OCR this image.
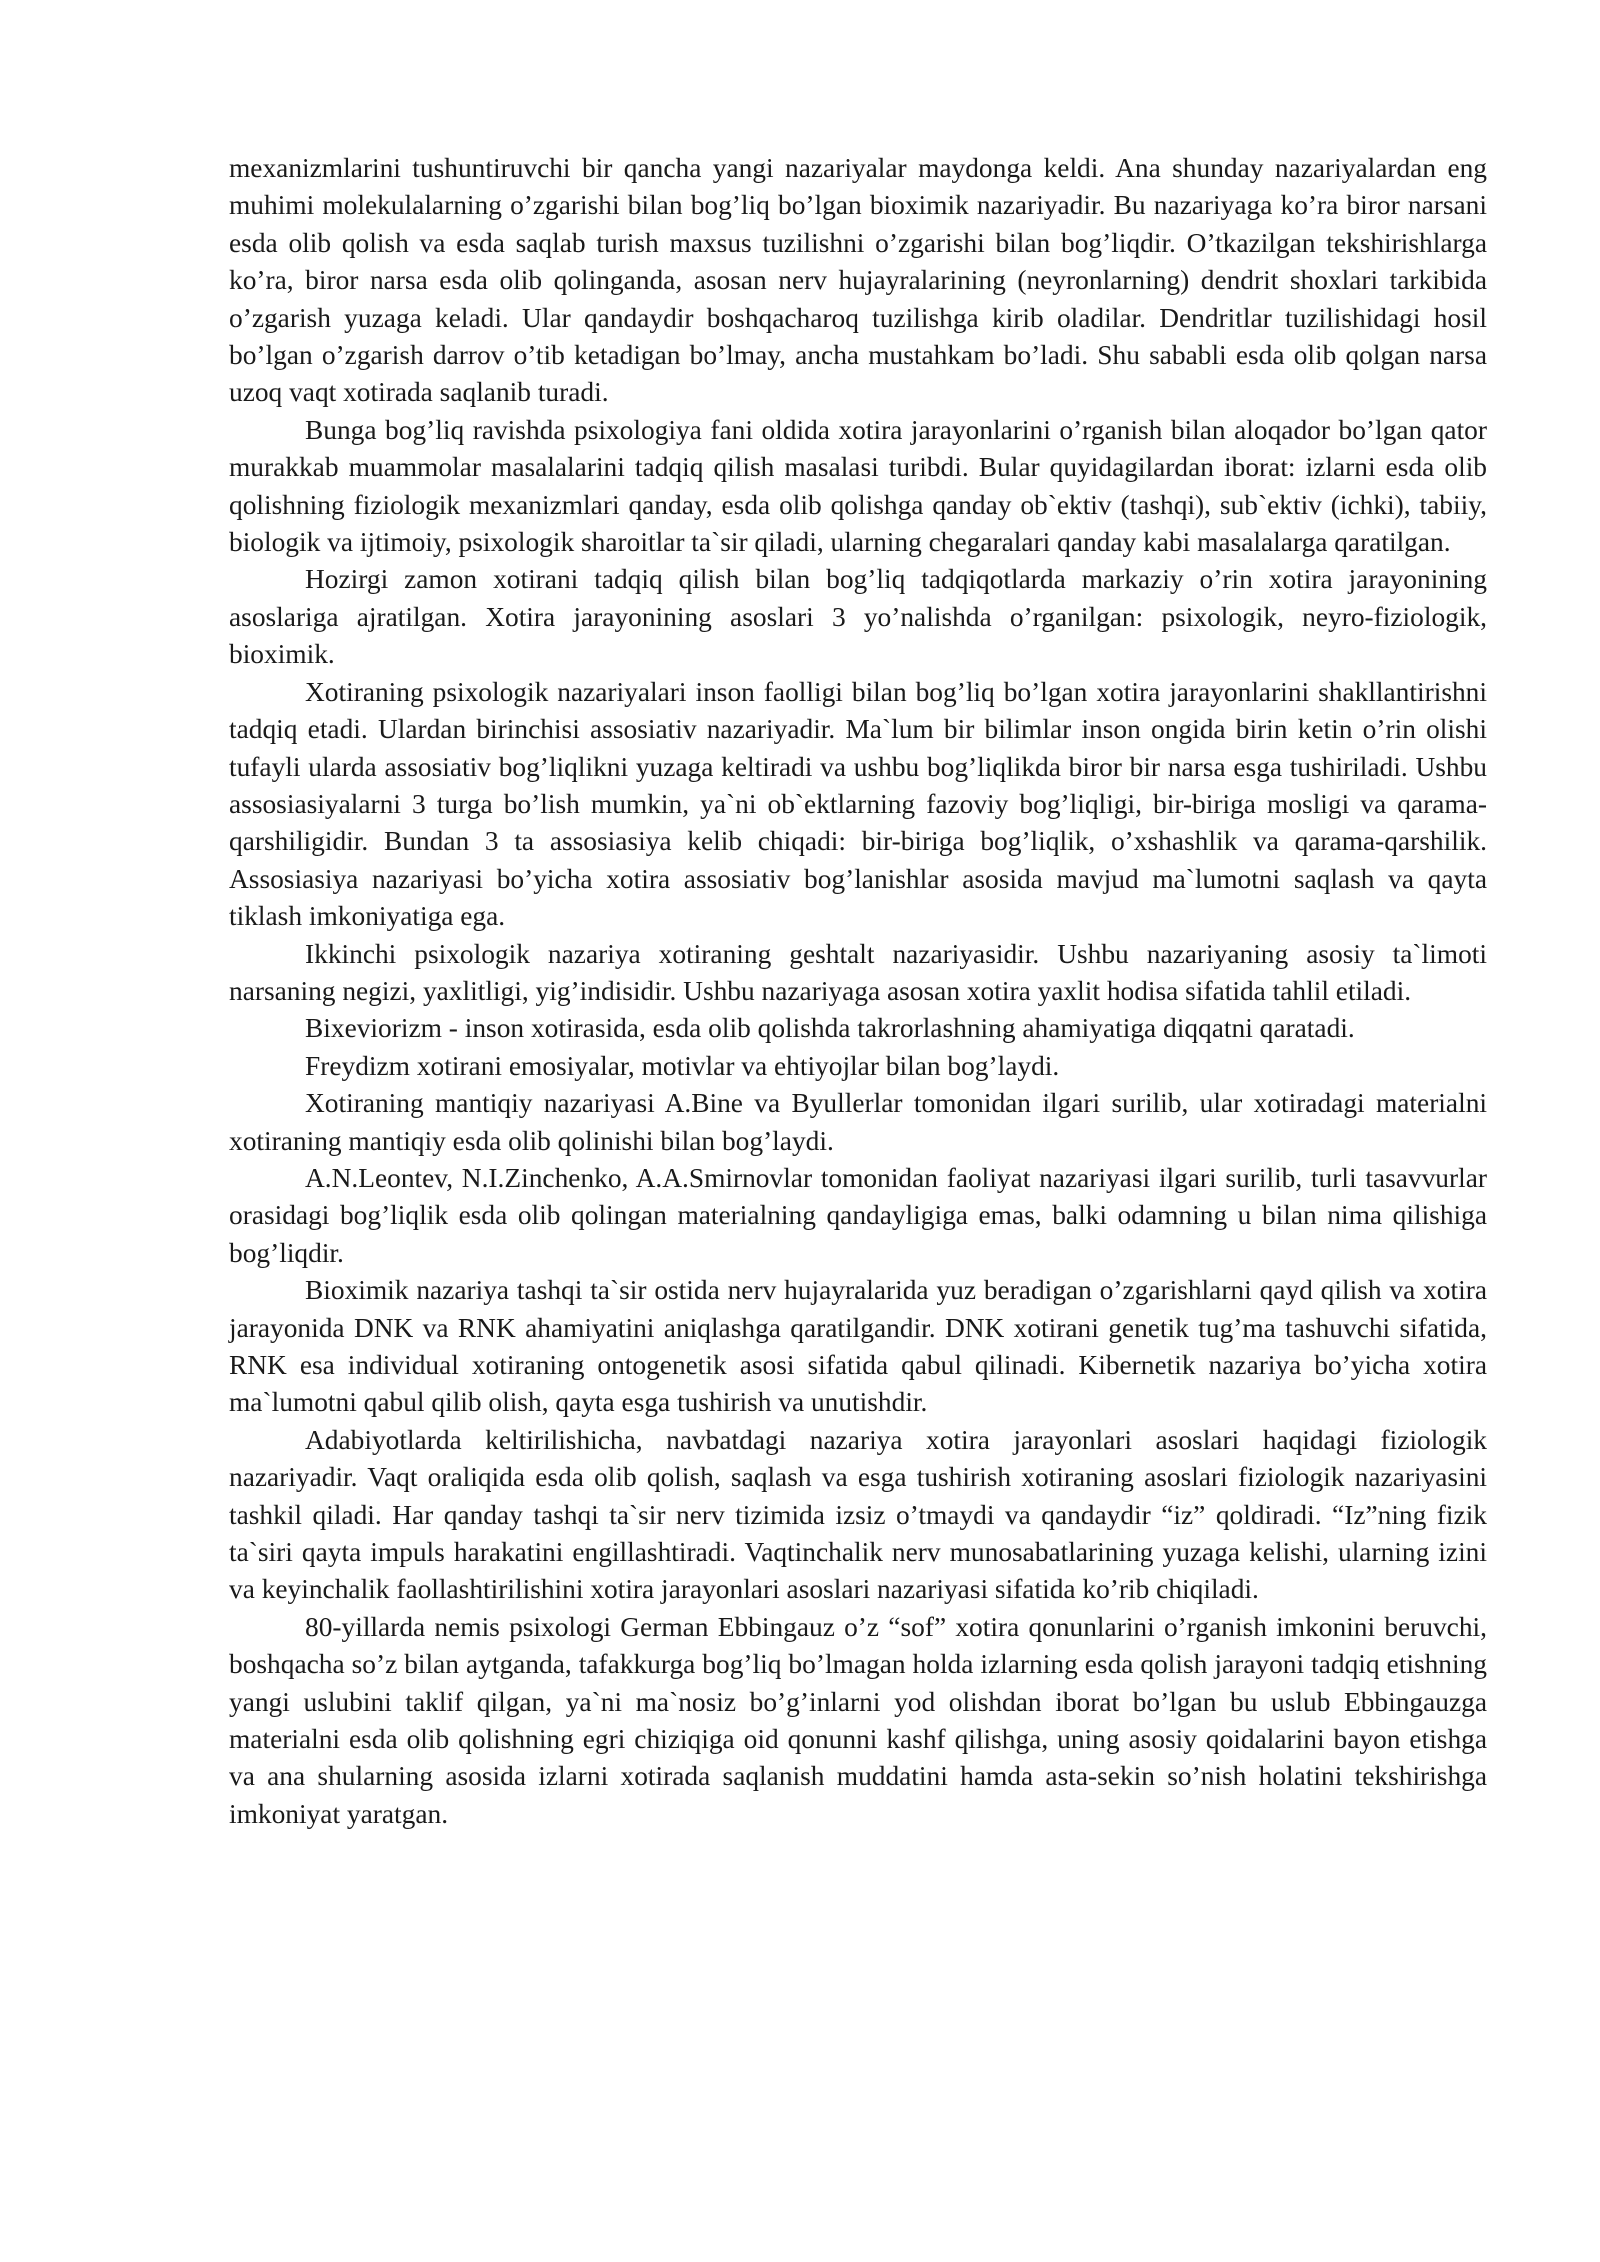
mexanizmlarini tushuntiruvchi bir qancha yangi nazariyalar maydonga keldi. Ana shunday nazariyalardan eng muhimi molekulalarning o’zgarishi bilan bog’liq bo’lgan bioximik nazariyadir. Bu nazariyaga ko’ra biror narsani esda olib qolish va esda saqlab turish maxsus tuzilishni o’zgarishi bilan bog’liqdir. O’tkazilgan tekshirishlarga ko’ra, biror narsa esda olib qolinganda, asosan nerv hujayralarining (neyronlarning) dendrit shoxlari tarkibida o’zgarish yuzaga keladi. Ular qandaydir boshqacharoq tuzilishga kirib oladilar. Dendritlar tuzilishidagi hosil bo’lgan o’zgarish darrov o’tib ketadigan bo’lmay, ancha mustahkam bo’ladi. Shu sababli esda olib qolgan narsa uzoq vaqt xotirada saqlanib turadi.

Bunga bog’liq ravishda psixologiya fani oldida xotira jarayonlarini o’rganish bilan aloqador bo’lgan qator murakkab muammolar masalalarini tadqiq qilish masalasi turibdi. Bular quyidagilardan iborat: izlarni esda olib qolishning fiziologik mexanizmlari qanday, esda olib qolishga qanday ob`ektiv (tashqi), sub`ektiv (ichki), tabiiy, biologik va ijtimoiy, psixologik sharoitlar ta`sir qiladi, ularning chegaralari qanday kabi masalalarga qaratilgan.

Hozirgi zamon xotirani tadqiq qilish bilan bog’liq tadqiqotlarda markaziy o’rin xotira jarayonining asoslariga ajratilgan. Xotira jarayonining asoslari 3 yo’nalishda o’rganilgan: psixologik, neyro-fiziologik, bioximik.

Xotiraning psixologik nazariyalari inson faolligi bilan bog’liq bo’lgan xotira jarayonlarini shakllantirishni tadqiq etadi. Ulardan birinchisi assosiativ nazariyadir. Ma`lum bir bilimlar inson ongida birin ketin o’rin olishi tufayli ularda assosiativ bog’liqlikni yuzaga keltiradi va ushbu bog’liqlikda biror bir narsa esga tushiriladi. Ushbu assosiasiyalarni 3 turga bo’lish mumkin, ya`ni ob`ektlarning fazoviy bog’liqligi, bir-biriga mosligi va qarama-qarshiligidir. Bundan 3 ta assosiasiya kelib chiqadi: bir-biriga bog’liqlik, o’xshashlik va qarama-qarshilik. Assosiasiya nazariyasi bo’yicha xotira assosiativ bog’lanishlar asosida mavjud ma`lumotni saqlash va qayta tiklash imkoniyatiga ega.

Ikkinchi psixologik nazariya xotiraning geshtalt nazariyasidir. Ushbu nazariyaning asosiy ta`limoti narsaning negizi, yaxlitligi, yig’indisidir. Ushbu nazariyaga asosan xotira yaxlit hodisa sifatida tahlil etiladi.

Bixeviorizm - inson xotirasida, esda olib qolishda takrorlashning ahamiyatiga diqqatni qaratadi.

Freydizm xotirani emosiyalar, motivlar va ehtiyojlar bilan bog’laydi.

Xotiraning mantiqiy nazariyasi A.Bine va Byullerlar tomonidan ilgari surilib, ular xotiradagi materialni xotiraning mantiqiy esda olib qolinishi bilan bog’laydi.

A.N.Leontev, N.I.Zinchenko, A.A.Smirnovlar tomonidan faoliyat nazariyasi ilgari surilib, turli tasavvurlar orasidagi bog’liqlik esda olib qolingan materialning qandayligiga emas, balki odamning u bilan nima qilishiga bog’liqdir.

Bioximik nazariya tashqi ta`sir ostida nerv hujayralarida yuz beradigan o’zgarishlarni qayd qilish va xotira jarayonida DNK va RNK ahamiyatini aniqlashga qaratilgandir. DNK xotirani genetik tug’ma tashuvchi sifatida, RNK esa individual xotiraning ontogenetik asosi sifatida qabul qilinadi. Kibernetik nazariya bo’yicha xotira ma`lumotni qabul qilib olish, qayta esga tushirish va unutishdir.

Adabiyotlarda keltirilishicha, navbatdagi nazariya xotira jarayonlari asoslari haqidagi fiziologik nazariyadir. Vaqt oraliqida esda olib qolish, saqlash va esga tushirish xotiraning asoslari fiziologik nazariyasini tashkil qiladi. Har qanday tashqi ta`sir nerv tizimida izsiz o’tmaydi va qandaydir “iz” qoldiradi. “Iz”ning fizik ta`siri qayta impuls harakatini engillashtiradi. Vaqtinchalik nerv munosabatlarining yuzaga kelishi, ularning izini va keyinchalik faollashtirilishini xotira jarayonlari asoslari nazariyasi sifatida ko’rib chiqiladi.

80-yillarda nemis psixologi German Ebbingauz o’z “sof” xotira qonunlarini o’rganish imkonini beruvchi, boshqacha so’z bilan aytganda, tafakkurga bog’liq bo’lmagan holda izlarning esda qolish jarayoni tadqiq etishning yangi uslubini taklif qilgan, ya`ni ma`nosiz bo’g’inlarni yod olishdan iborat bo’lgan bu uslub Ebbingauzga materialni esda olib qolishning egri chiziqiga oid qonunni kashf qilishga, uning asosiy qoidalarini bayon etishga va ana shularning asosida izlarni xotirada saqlanish muddatini hamda asta-sekin so’nish holatini tekshirishga imkoniyat yaratgan.
